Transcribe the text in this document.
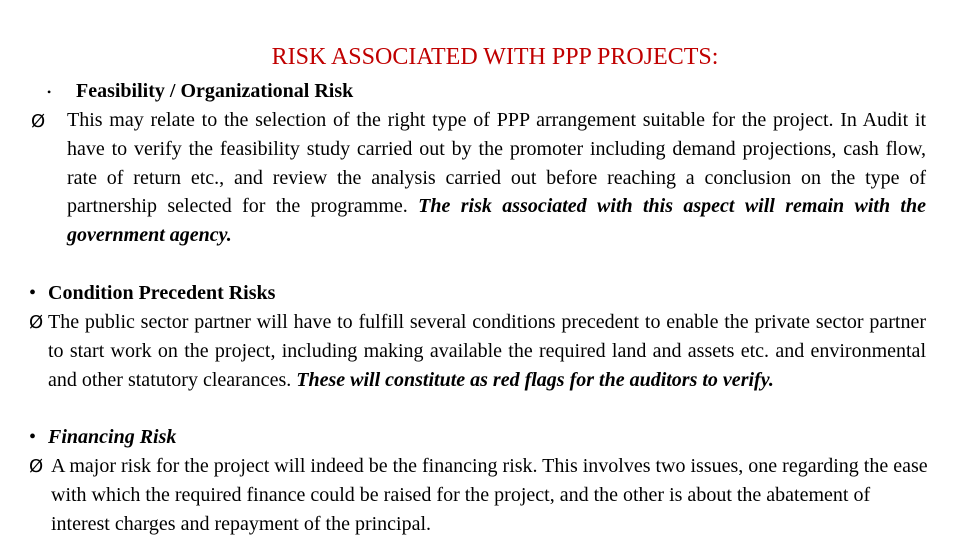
RISK ASSOCIATED WITH PPP PROJECTS:
• Feasibility / Organizational Risk
Ø This may relate to the selection of the right type of PPP arrangement suitable for the project. In Audit it have to verify the feasibility study carried out by the promoter including demand projections, cash flow, rate of return etc., and review the analysis carried out before reaching a conclusion on the type of partnership selected for the programme. The risk associated with this aspect will remain with the government agency.
• Condition Precedent Risks
Ø The public sector partner will have to fulfill several conditions precedent to enable the private sector partner to start work on the project, including making available the required land and assets etc. and environmental and other statutory clearances. These will constitute as red flags for the auditors to verify.
• Financing Risk
Ø A major risk for the project will indeed be the financing risk. This involves two issues, one regarding the ease with which the required finance could be raised for the project, and the other is about the abatement of interest charges and repayment of the principal.
